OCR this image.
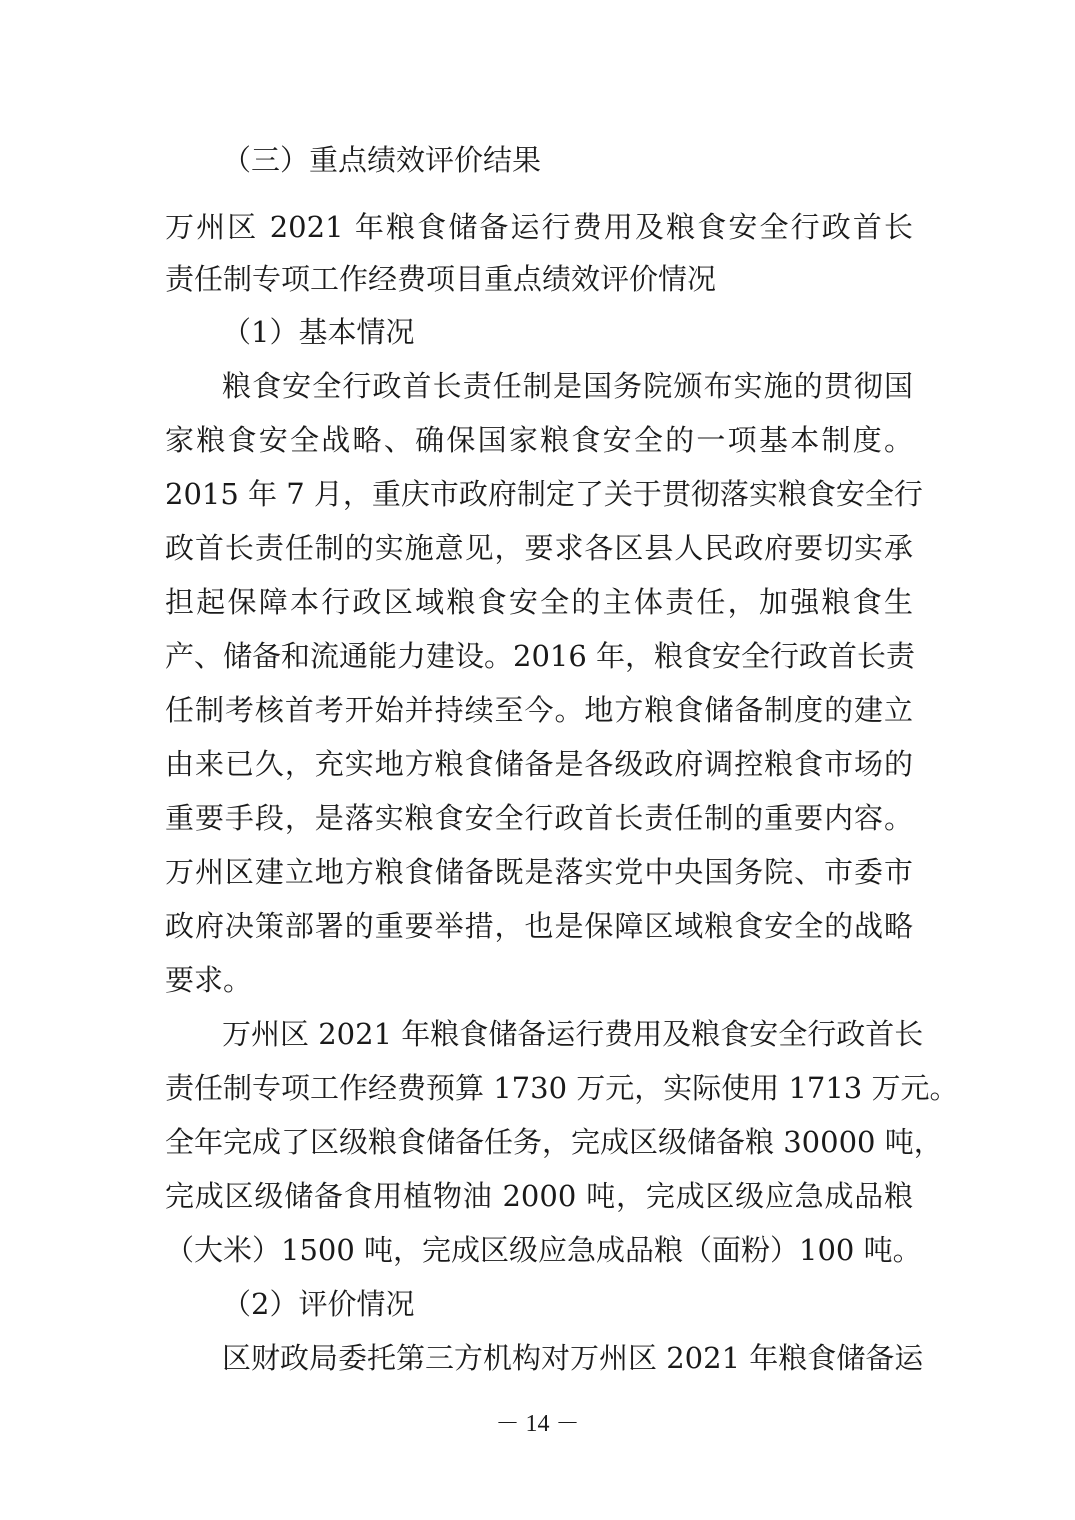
（三）重点绩效评价结果
万州区 2021 年粮食储备运行费用及粮食安全行政首长
责任制专项工作经费项目重点绩效评价情况
（1）基本情况
粮食安全行政首长责任制是国务院颁布实施的贯彻国
家粮食安全战略、确保国家粮食安全的一项基本制度。
2015 年 7 月，重庆市政府制定了关于贯彻落实粮食安全行
政首长责任制的实施意见，要求各区县人民政府要切实承
担起保障本行政区域粮食安全的主体责任，加强粮食生
产、储备和流通能力建设。2016 年，粮食安全行政首长责
任制考核首考开始并持续至今。地方粮食储备制度的建立
由来已久，充实地方粮食储备是各级政府调控粮食市场的
重要手段，是落实粮食安全行政首长责任制的重要内容。
万州区建立地方粮食储备既是落实党中央国务院、市委市
政府决策部署的重要举措，也是保障区域粮食安全的战略
要求。
万州区 2021 年粮食储备运行费用及粮食安全行政首长
责任制专项工作经费预算 1730 万元，实际使用 1713 万元。
全年完成了区级粮食储备任务，完成区级储备粮 30000 吨，
完成区级储备食用植物油 2000 吨，完成区级应急成品粮
（大米）1500 吨，完成区级应急成品粮（面粉）100 吨。
（2）评价情况
区财政局委托第三方机构对万州区 2021 年粮食储备运
－ 14 －
